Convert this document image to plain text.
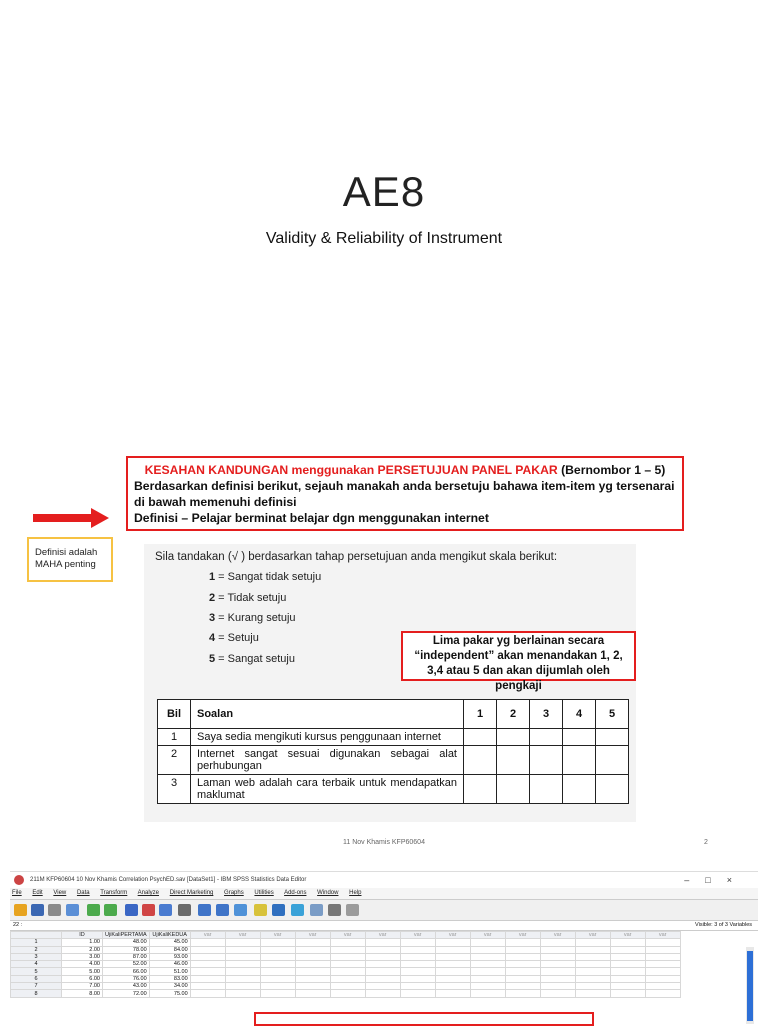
AE8
Validity & Reliability of Instrument
KESAHAN KANDUNGAN menggunakan PERSETUJUAN PANEL PAKAR (Bernombor 1 – 5)
Berdasarkan definisi berikut, sejauh manakah anda bersetuju bahawa item-item yg tersenarai
di bawah memenuhi definisi
Definisi – Pelajar berminat belajar dgn menggunakan internet
Definisi adalah MAHA penting
Sila tandakan (√ ) berdasarkan tahap persetujuan anda mengikut skala berikut:
1 = Sangat tidak setuju
2 = Tidak setuju
3 = Kurang setuju
4 = Setuju
5 = Sangat setuju
Lima pakar yg berlainan secara “independent” akan menandakan 1, 2, 3,4 atau 5 dan akan dijumlah oleh pengkaji
Bil	Soalan	1	2	3	4	5
1	Saya sedia mengikuti kursus penggunaan internet					
2	Internet sangat sesuai digunakan sebagai alat perhubungan					
3	Laman web adalah cara terbaik untuk mendapatkan maklumat					
11 Nov Khamis KFP60604	2
211M KFP60604 10 Nov Khamis Correlation PsychED.sav [DataSet1] - IBM SPSS Statistics Data Editor	–□×
File Edit View Data Transform Analyze Direct Marketing Graphs Utilities Add-ons Window Help
22 :	Visible: 3 of 3 Variables
	ID	UjiKaliPERTAMA	UjiKaliKEDUA	var	var	var	var	var	var	var	var	var	var	var	var	var	var
1	1.00	48.00	45.00														
2	2.00	78.00	84.00														
3	3.00	87.00	93.00														
4	4.00	52.00	46.00														
5	5.00	66.00	51.00														
6	6.00	76.00	83.00														
7	7.00	43.00	34.00														
8	8.00	72.00	75.00														
